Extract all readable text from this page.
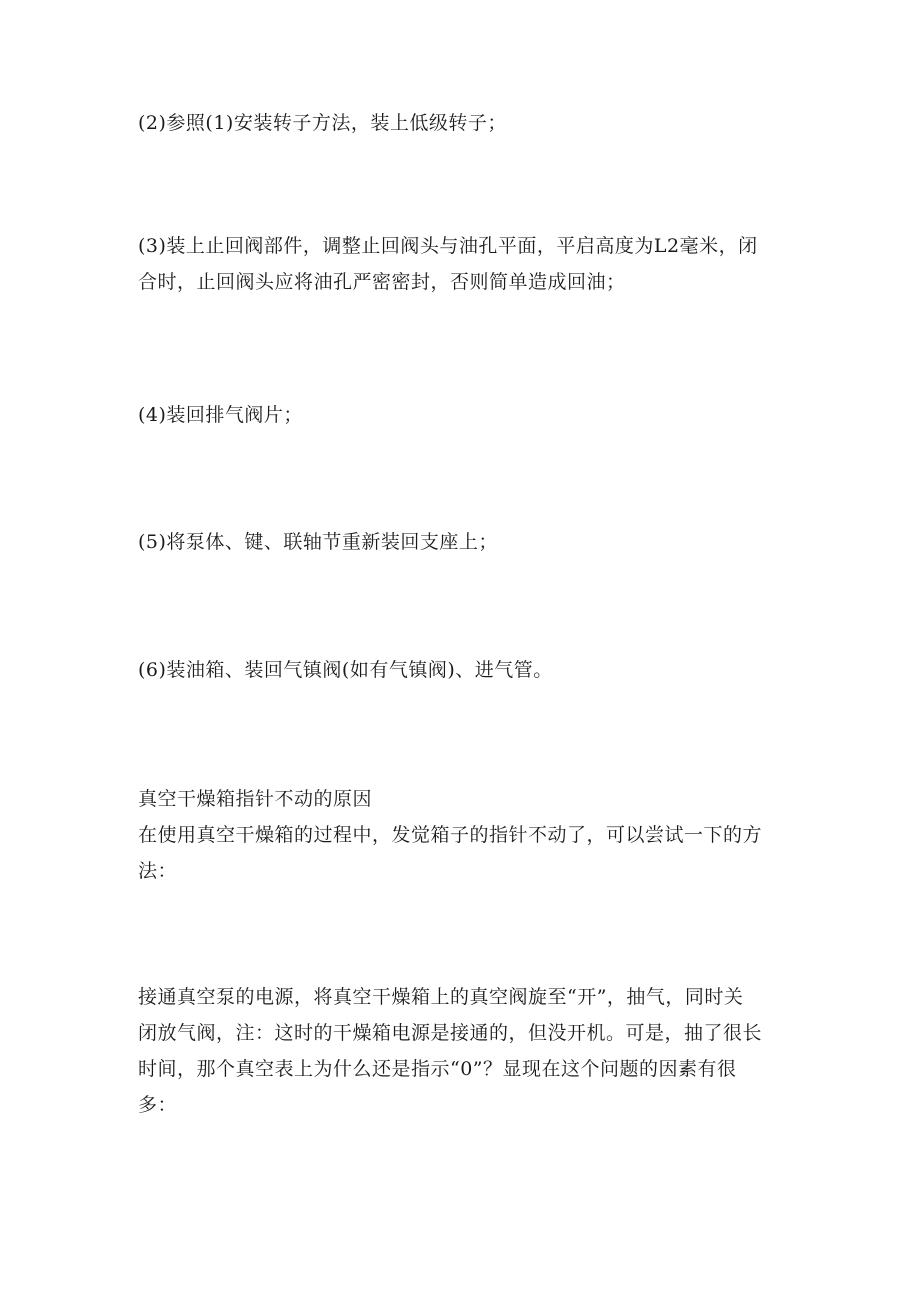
(2)参照(1)安装转子方法，装上低级转子；

(3)装上止回阀部件，调整止回阀头与油孔平面，平启高度为L2毫米，闭
合时，止回阀头应将油孔严密密封，否则简单造成回油；

(4)装回排气阀片；

(5)将泵体、键、联轴节重新装回支座上；

(6)装油箱、装回气镇阀(如有气镇阀)、进气管。

真空干燥箱指针不动的原因
在使用真空干燥箱的过程中，发觉箱子的指针不动了，可以尝试一下的方
法：

接通真空泵的电源，将真空干燥箱上的真空阀旋至“开”，抽气，同时关
闭放气阀，注：这时的干燥箱电源是接通的，但没开机。可是，抽了很长
时间，那个真空表上为什么还是指示“0”？显现在这个问题的因素有很
多：
